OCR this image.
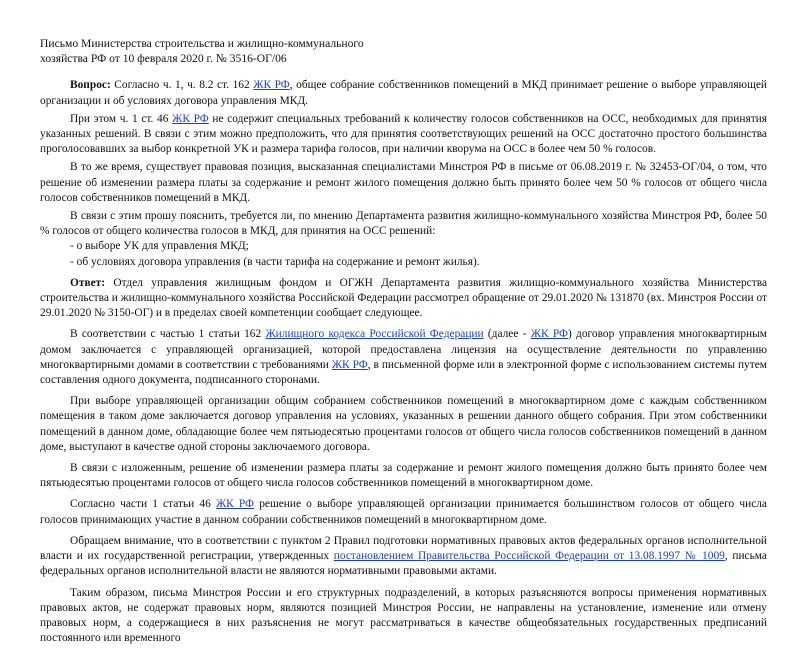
Письмо Министерства строительства и жилищно-коммунального
хозяйства РФ от 10 февраля 2020 г. № 3516-ОГ/06

Вопрос: Согласно ч. 1, ч. 8.2 ст. 162 ЖК РФ, общее собрание собственников помещений в МКД принимает решение о выборе управляющей организации и об условиях договора управления МКД.

При этом ч. 1 ст. 46 ЖК РФ не содержит специальных требований к количеству голосов собственников на ОСС, необходимых для принятия указанных решений. В связи с этим можно предположить, что для принятия соответствующих решений на ОСС достаточно простого большинства проголосовавших за выбор конкретной УК и размера тарифа голосов, при наличии кворума на ОСС в более чем 50 % голосов.

В то же время, существует правовая позиция, высказанная специалистами Минстроя РФ в письме от 06.08.2019 г. № 32453-ОГ/04, о том, что решение об изменении размера платы за содержание и ремонт жилого помещения должно быть принято более чем 50 % голосов от общего числа голосов собственников помещений в МКД.

В связи с этим прошу пояснить, требуется ли, по мнению Департамента развития жилищно-коммунального хозяйства Минстроя РФ, более 50 % голосов от общего количества голосов в МКД, для принятия на ОСС решений:

- о выборе УК для управления МКД;

- об условиях договора управления (в части тарифа на содержание и ремонт жилья).

Ответ: Отдел управления жилищным фондом и ОГЖН Департамента развития жилищно-коммунального хозяйства Министерства строительства и жилищно-коммунального хозяйства Российской Федерации рассмотрел обращение от 29.01.2020 № 131870 (вх. Минстроя России от 29.01.2020 № 3150-ОГ) и в пределах своей компетенции сообщает следующее.

В соответствии с частью 1 статьи 162 Жилищного кодекса Российской Федерации (далее - ЖК РФ) договор управления многоквартирным домом заключается с управляющей организацией, которой предоставлена лицензия на осуществление деятельности по управлению многоквартирными домами в соответствии с требованиями ЖК РФ, в письменной форме или в электронной форме с использованием системы путем составления одного документа, подписанного сторонами.

При выборе управляющей организации общим собранием собственников помещений в многоквартирном доме с каждым собственником помещения в таком доме заключается договор управления на условиях, указанных в решении данного общего собрания. При этом собственники помещений в данном доме, обладающие более чем пятьюдесятью процентами голосов от общего числа голосов собственников помещений в данном доме, выступают в качестве одной стороны заключаемого договора.

В связи с изложенным, решение об изменении размера платы за содержание и ремонт жилого помещения должно быть принято более чем пятьюдесятью процентами голосов от общего числа голосов собственников помещений в многоквартирном доме.

Согласно части 1 статьи 46 ЖК РФ решение о выборе управляющей организации принимается большинством голосов от общего числа голосов принимающих участие в данном собрании собственников помещений в многоквартирном доме.

Обращаем внимание, что в соответствии с пунктом 2 Правил подготовки нормативных правовых актов федеральных органов исполнительной власти и их государственной регистрации, утвержденных постановлением Правительства Российской Федерации от 13.08.1997 № 1009, письма федеральных органов исполнительной власти не являются нормативными правовыми актами.

Таким образом, письма Минстроя России и его структурных подразделений, в которых разъясняются вопросы применения нормативных правовых актов, не содержат правовых норм, являются позицией Минстроя России, не направлены на установление, изменение или отмену правовых норм, а содержащиеся в них разъяснения не могут рассматриваться в качестве общеобязательных государственных предписаний постоянного или временного
